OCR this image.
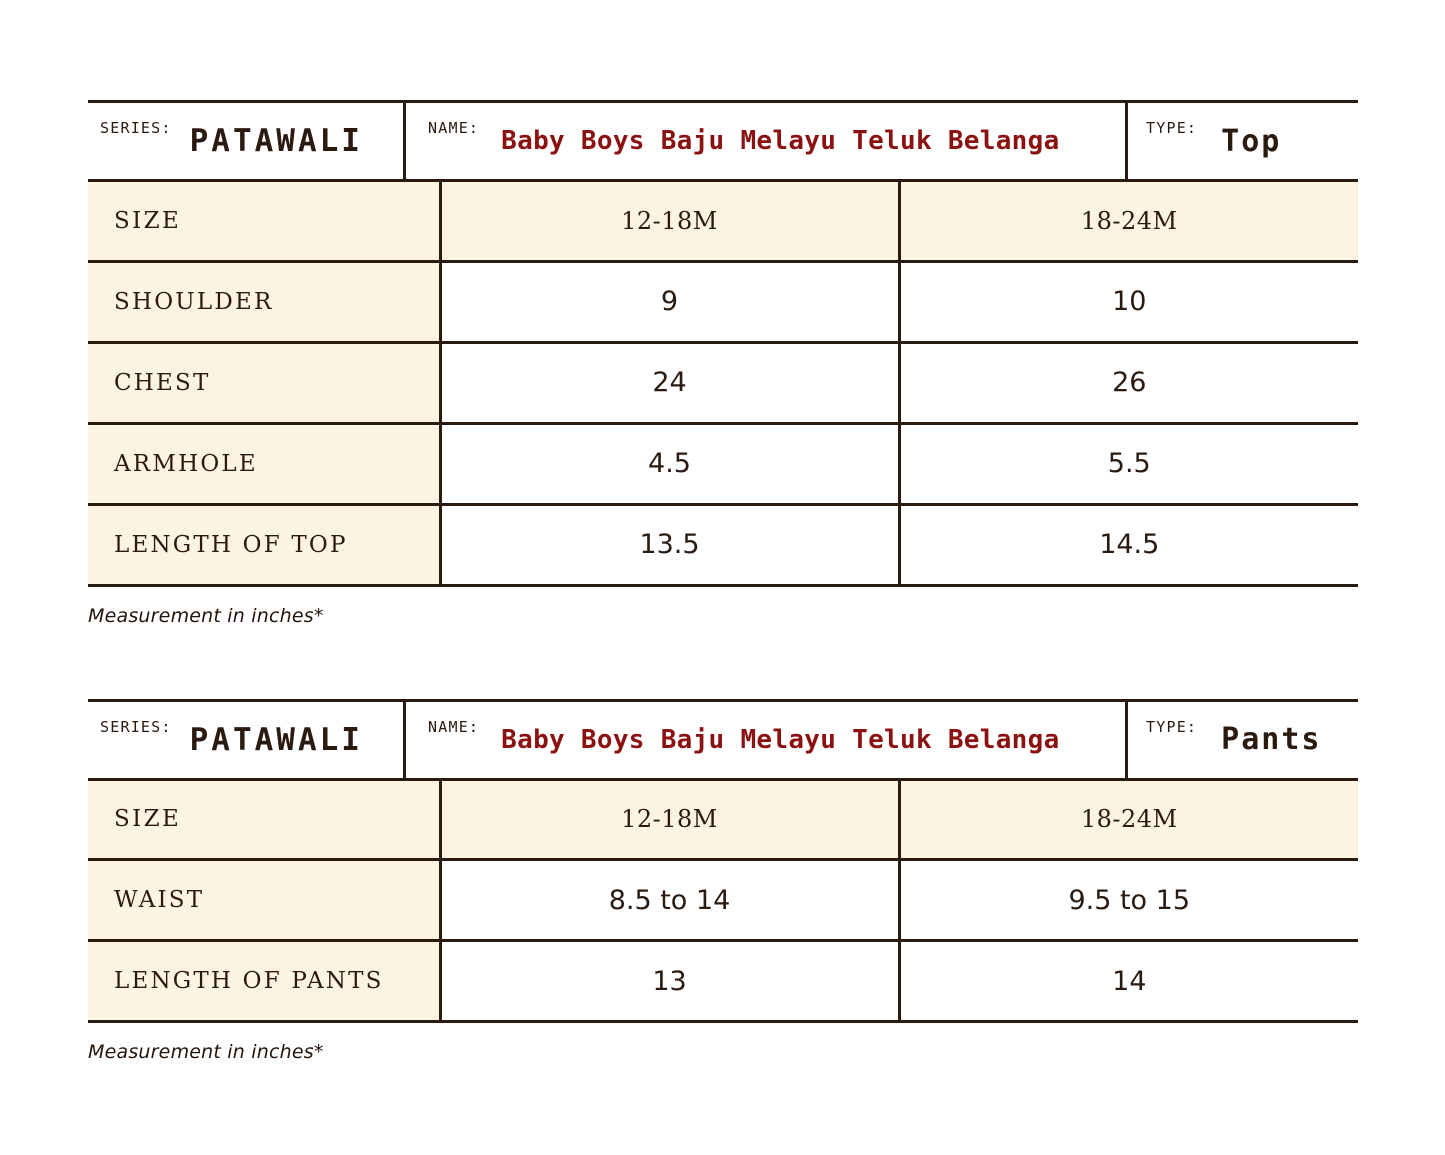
SERIES: PATAWALI	NAME: Baby Boys Baju Melayu Teluk Belanga	TYPE: Top
SIZE	12-18M	18-24M
SHOULDER	9	10
CHEST	24	26
ARMHOLE	4.5	5.5
LENGTH OF TOP	13.5	14.5
Measurement in inches*
SERIES: PATAWALI	NAME: Baby Boys Baju Melayu Teluk Belanga	TYPE: Pants
SIZE	12-18M	18-24M
WAIST	8.5 to 14	9.5 to 15
LENGTH OF PANTS	13	14
Measurement in inches*
